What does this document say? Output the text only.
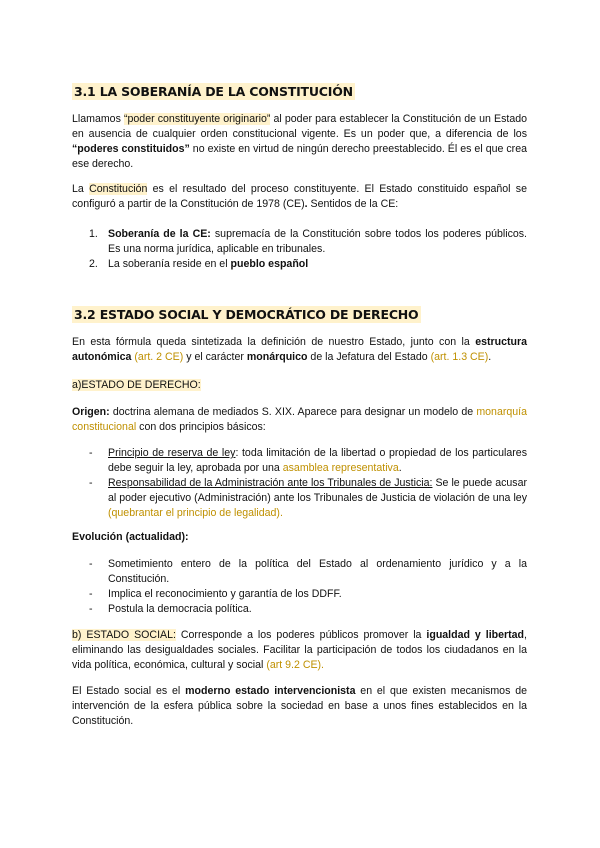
3.1 LA SOBERANÍA DE LA CONSTITUCIÓN

Llamamos “poder constituyente originario” al poder para establecer la Constitución de un Estado en ausencia de cualquier orden constitucional vigente. Es un poder que, a diferencia de los “poderes constituidos” no existe en virtud de ningún derecho preestablecido. Él es el que crea ese derecho.

La Constitución es el resultado del proceso constituyente. El Estado constituido español se configuró a partir de la Constitución de 1978 (CE). Sentidos de la CE:

1. Soberanía de la CE: supremacía de la Constitución sobre todos los poderes públicos. Es una norma jurídica, aplicable en tribunales.
2. La soberanía reside en el pueblo español
3.2 ESTADO SOCIAL Y DEMOCRÁTICO DE DERECHO

En esta fórmula queda sintetizada la definición de nuestro Estado, junto con la estructura autonómica (art. 2 CE) y el carácter monárquico de la Jefatura del Estado (art. 1.3 CE).

a)ESTADO DE DERECHO:

Origen: doctrina alemana de mediados S. XIX. Aparece para designar un modelo de monarquía constitucional con dos principios básicos:

- Principio de reserva de ley: toda limitación de la libertad o propiedad de los particulares debe seguir la ley, aprobada por una asamblea representativa.
- Responsabilidad de la Administración ante los Tribunales de Justicia: Se le puede acusar al poder ejecutivo (Administración) ante los Tribunales de Justicia de violación de una ley (quebrantar el principio de legalidad).

Evolución (actualidad):

- Sometimiento entero de la política del Estado al ordenamiento jurídico y a la Constitución.
- Implica el reconocimiento y garantía de los DDFF.
- Postula la democracia política.

b) ESTADO SOCIAL: Corresponde a los poderes públicos promover la igualdad y libertad, eliminando las desigualdades sociales. Facilitar la participación de todos los ciudadanos en la vida política, económica, cultural y social (art 9.2 CE).

El Estado social es el moderno estado intervencionista en el que existen mecanismos de intervención de la esfera pública sobre la sociedad en base a unos fines establecidos en la Constitución.
